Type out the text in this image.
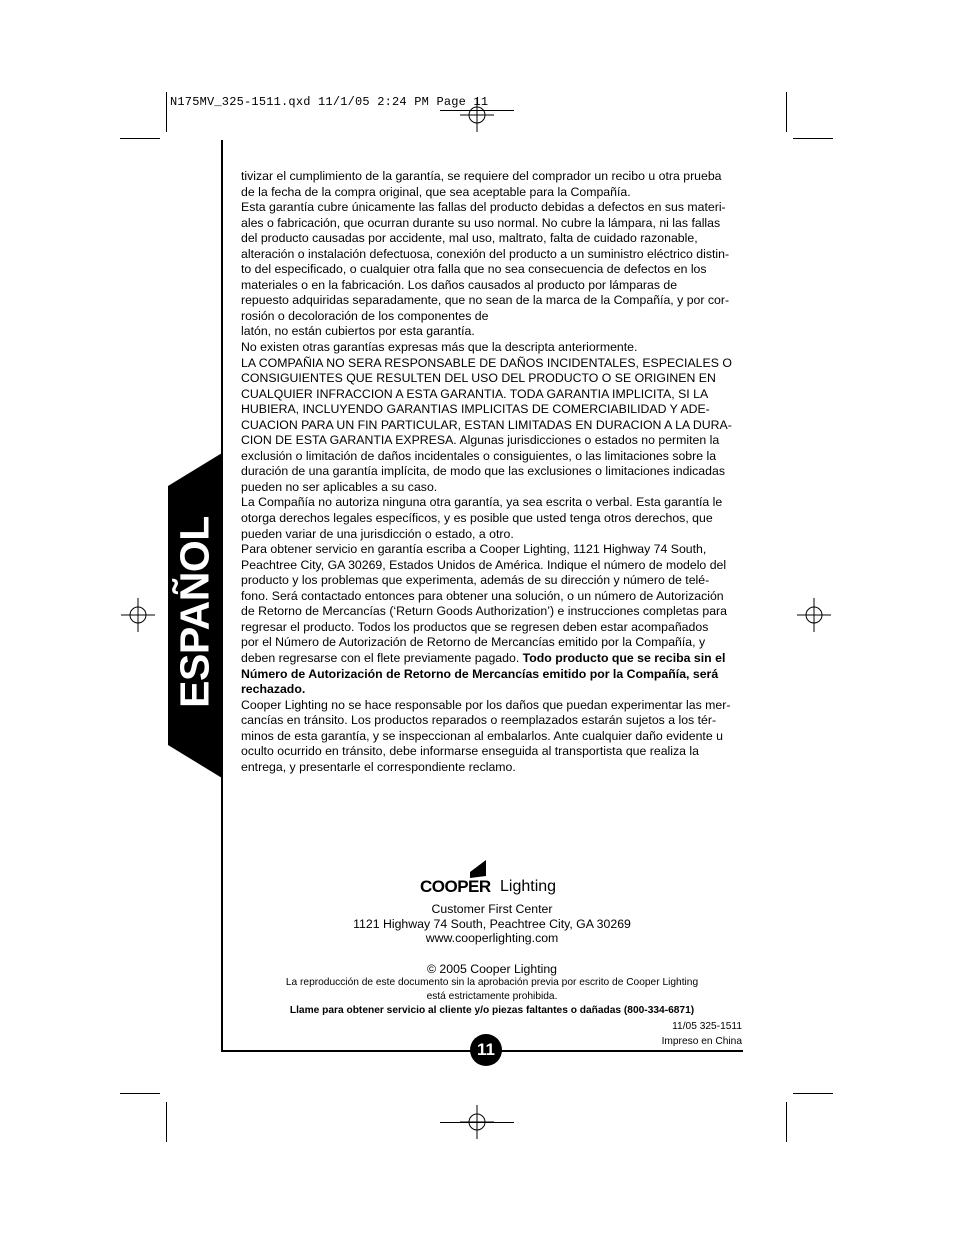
N175MV_325-1511.qxd 11/1/05 2:24 PM Page 11
ESPAÑOL

tivizar el cumplimiento de la garantía, se requiere del comprador un recibo u otra prueba

de la fecha de la compra original, que sea aceptable para la Compañía.

Esta garantía cubre únicamente las fallas del producto debidas a defectos en sus materi-

ales o fabricación, que ocurran durante su uso normal. No cubre la lámpara, ni las fallas

del producto causadas por accidente, mal uso, maltrato, falta de cuidado razonable,

alteración o instalación defectuosa, conexión del producto a un suministro eléctrico distin-

to del especificado, o cualquier otra falla que no sea consecuencia de defectos en los

materiales o en la fabricación. Los daños causados al producto por lámparas de

repuesto adquiridas separadamente, que no sean de la marca de la Compañía, y por cor-

rosión o decoloración de los componentes de

latón, no están cubiertos por esta garantía.

No existen otras garantías expresas más que la descripta anteriormente.

LA COMPAÑIA NO SERA RESPONSABLE DE DAÑOS INCIDENTALES, ESPECIALES O

CONSIGUIENTES QUE RESULTEN DEL USO DEL PRODUCTO O SE ORIGINEN EN

CUALQUIER INFRACCION A ESTA GARANTIA. TODA GARANTIA IMPLICITA, SI LA

HUBIERA, INCLUYENDO GARANTIAS IMPLICITAS DE COMERCIABILIDAD Y ADE-

CUACION PARA UN FIN PARTICULAR, ESTAN LIMITADAS EN DURACION A LA DURA-

CION DE ESTA GARANTIA EXPRESA. Algunas jurisdicciones o estados no permiten la

exclusión o limitación de daños incidentales o consiguientes, o las limitaciones sobre la

duración de una garantía implícita, de modo que las exclusiones o limitaciones indicadas

pueden no ser aplicables a su caso.

La Compañía no autoriza ninguna otra garantía, ya sea escrita o verbal. Esta garantía le

otorga derechos legales específicos, y es posible que usted tenga otros derechos, que

pueden variar de una jurisdicción o estado, a otro.

Para obtener servicio en garantía escriba a Cooper Lighting, 1121 Highway 74 South,

Peachtree City, GA 30269, Estados Unidos de América. Indique el número de modelo del

producto y los problemas que experimenta, además de su dirección y número de telé-

fono. Será contactado entonces para obtener una solución, o un número de Autorización

de Retorno de Mercancías (‘Return Goods Authorization’) e instrucciones completas para

regresar el producto. Todos los productos que se regresen deben estar acompañados

por el Número de Autorización de Retorno de Mercancías emitido por la Compañía, y

deben regresarse con el flete previamente pagado. Todo producto que se reciba sin el

Número de Autorización de Retorno de Mercancías emitido por la Compañía, será

rechazado.

Cooper Lighting no se hace responsable por los daños que puedan experimentar las mer-

cancías en tránsito. Los productos reparados o reemplazados estarán sujetos a los tér-

minos de esta garantía, y se inspeccionan al embalarlos. Ante cualquier daño evidente u

oculto ocurrido en tránsito, debe informarse enseguida al transportista que realiza la

entrega, y presentarle el correspondiente reclamo.

COOPER Lighting
Customer First Center
1121 Highway 74 South, Peachtree City, GA 30269
www.cooperlighting.com
© 2005 Cooper Lighting
La reproducción de este documento sin la aprobación previa por escrito de Cooper Lighting
está estrictamente prohibida.
Llame para obtener servicio al cliente y/o piezas faltantes o dañadas (800-334-6871)
11/05 325-1511
Impreso en China
11
